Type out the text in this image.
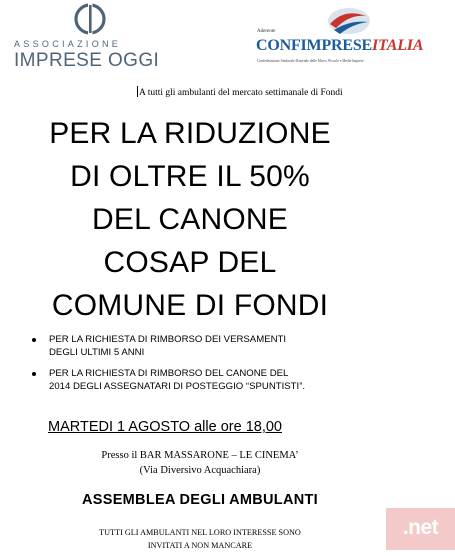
ASSOCIAZIONE
IMPRESE OGGI
Aderente
CONFIMPRESEITALIA
Confederazione Sindacale Datoriale delle Micro, Piccole e Medie Imprese
A tutti gli ambulanti del mercato settimanale di Fondi
PER LA RIDUZIONE
DI OLTRE IL 50%
DEL CANONE
COSAP DEL
COMUNE DI FONDI
PER LA RICHIESTA DI RIMBORSO DEI VERSAMENTI
DEGLI ULTIMI 5 ANNI
PER LA RICHIESTA DI RIMBORSO DEL CANONE DEL
2014 DEGLI ASSEGNATARI DI POSTEGGIO “SPUNTISTI”.
MARTEDI 1 AGOSTO alle ore 18,00
Presso il BAR MASSARONE – LE CINEMA’
(Via Diversivo Acquachiara)
ASSEMBLEA DEGLI AMBULANTI
TUTTI GLI AMBULANTI NEL LORO INTERESSE SONO
INVITATI A NON MANCARE
.net
